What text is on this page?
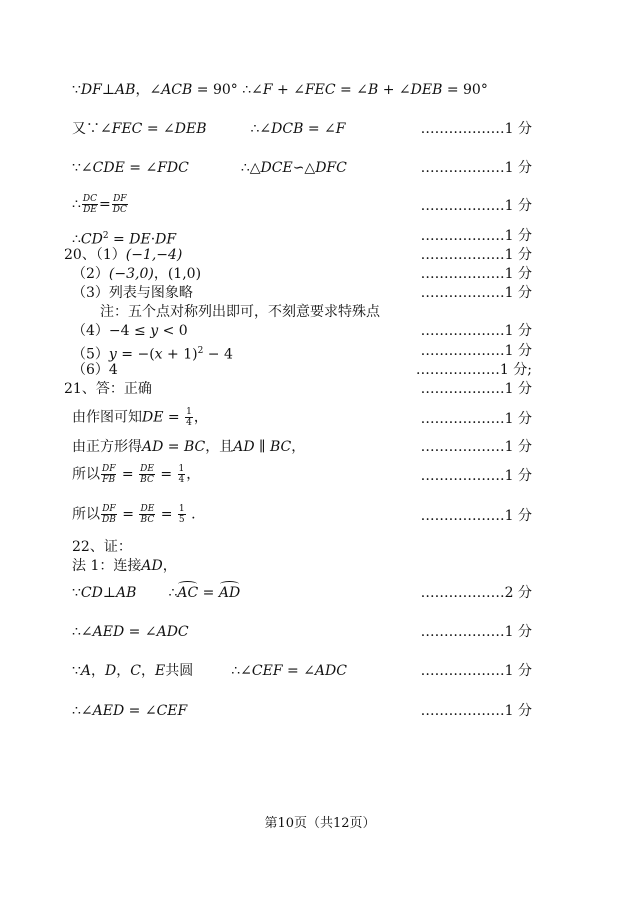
∵DF⊥AB，∠ACB = 90° ∴∠F + ∠FEC = ∠B + ∠DEB = 90°
又∵∠FEC = ∠DEB	∴∠DCB = ∠F	………………1 分
∵∠CDE = ∠FDC	∴△DCE∽△DFC	………………1 分
∴ $\frac{DC}{DE} = \frac{DF}{DC}$	………………1 分
$\therefore CD^2 = DE\cdot DF$	………………1 分
20、（1）(−1,−4)	………………1 分
（2）(−3,0)，(1,0)	………………1 分
（3）列表与图象略	………………1 分
注：五个点对称列出即可，不刻意要求特殊点
（4）−4 ≤ y < 0	………………1 分
$(5)y = -(x + 1)^2 - 4$	………………1 分
（6）4	………………1 分;
21、答：正确	………………1 分
由作图可知DE = $\frac{1}{4}$ ，	………………1 分
由正方形得AD = BC，且AD ∥ BC，	………………1 分
所以 $\frac{DF}{FB} = \frac{DE}{BC} = \frac{1}{4}$ ，	………………1 分
所以 $\frac{DF}{DB} = \frac{DE}{BC} = \frac{1}{5}$ .	………………1 分
22、证：
法 1：连接AD，
∵CD⊥AB ∴AC = AD	………………2 分
∴∠AED = ∠ADC	………………1 分
∵A，D，C，E共圆	∴∠CEF = ∠ADC	………………1 分
∴∠AED = ∠CEF	………………1 分
第10页（共12页）
